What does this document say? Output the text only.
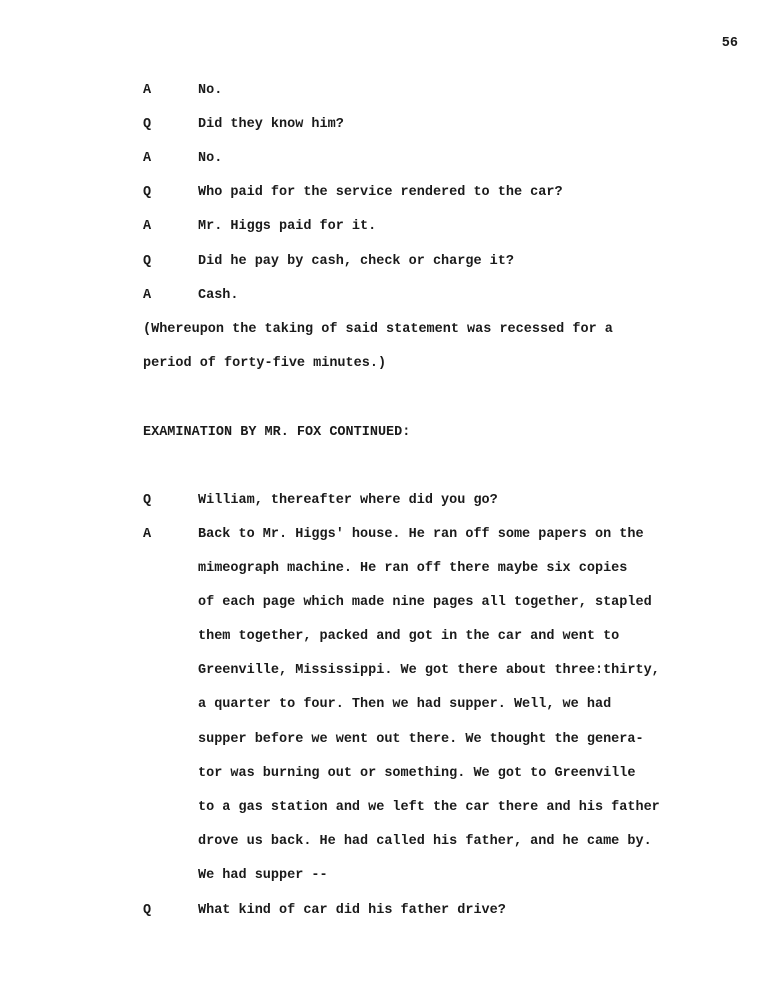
56
A	No.
Q	Did they know him?
A	No.
Q	Who paid for the service rendered to the car?
A	Mr. Higgs paid for it.
Q	Did he pay by cash, check or charge it?
A	Cash.
(Whereupon the taking of said statement was recessed for a
period of forty-five minutes.)
EXAMINATION BY MR. FOX CONTINUED:
Q	William, thereafter where did you go?
A	Back to Mr. Higgs' house. He ran off some papers on the
mimeograph machine. He ran off there maybe six copies
of each page which made nine pages all together, stapled
them together, packed and got in the car and went to
Greenville, Mississippi. We got there about three:thirty,
a quarter to four. Then we had supper. Well, we had
supper before we went out there. We thought the genera-
tor was burning out or something. We got to Greenville
to a gas station and we left the car there and his father
drove us back. He had called his father, and he came by.
We had supper --
Q	What kind of car did his father drive?
